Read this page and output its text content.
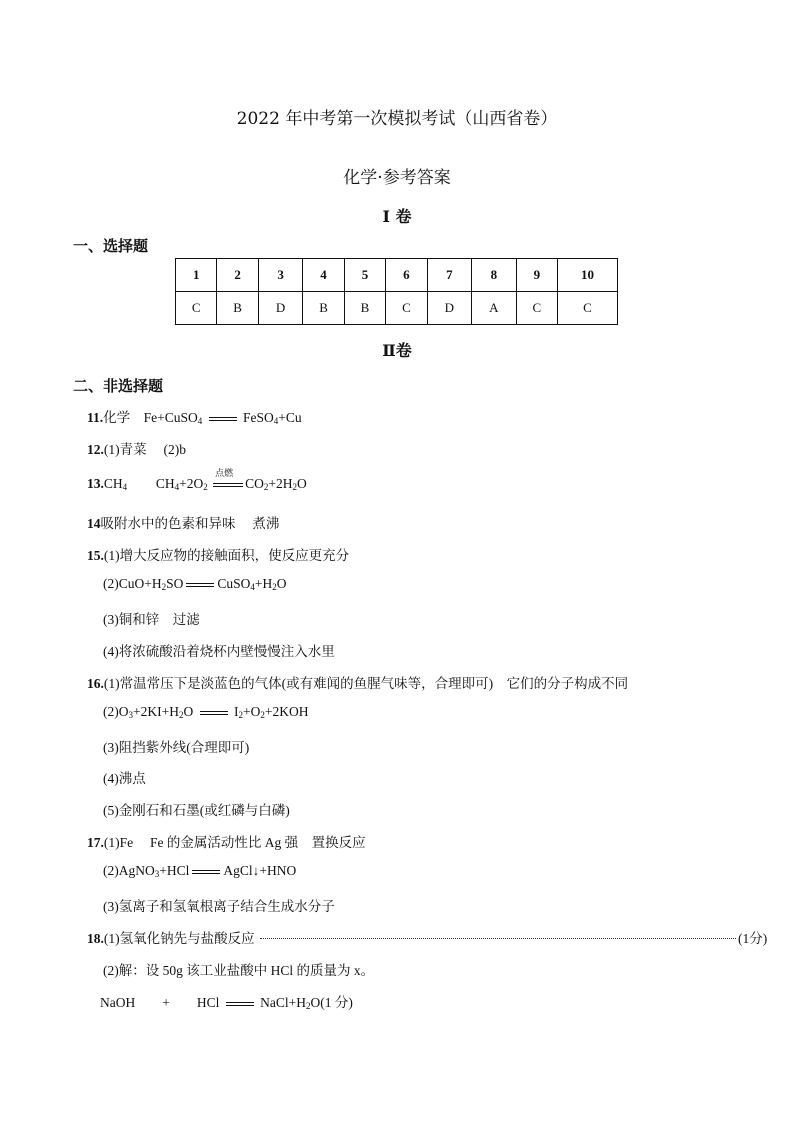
2022 年中考第一次模拟考试（山西省卷）
化学·参考答案
I 卷
一、选择题
1	2	3	4	5	6	7	8	9	10
C	B	D	B	B	C	D	A	C	C
Ⅱ卷
二、非选择题
11.化学　Fe+CuSO$_4$	FeSO$_4$+Cu
12.(1)青菜　 (2)b
$13.CH_4$ $CH_4+2O_2$
点燃
$CO_2+2H_2O$
14吸附水中的色素和异味　 煮沸
15.(1)增大反应物的接触面积，使反应更充分
$(2)CuO+H_2SO$	$CuSO_4+H_2O$
(3)铜和锌　过滤
(4)将浓硫酸沿着烧杯内壁慢慢注入水里
16.(1)常温常压下是淡蓝色的气体(或有难闻的鱼腥气味等，合理即可)　它们的分子构成不同
$(2)O_3+2KI+H_2O$	$I_2+O_2+2KOH$
(3)阻挡紫外线(合理即可)
(4)沸点
(5)金刚石和石墨(或红磷与白磷)
17.(1)Fe　 Fe 的金属活动性比 Ag 强　置换反应
(2)AgNO$_3$+HCl	AgCl↓+HNO
(3)氢离子和氢氧根离子结合生成水分子
18.(1)氢氧化钠先与盐酸反应	(1分)
(2)解：设 50g 该工业盐酸中 HCl 的质量为 x。
NaOH　　+　　HCl	$NaCl+H_2O(1$ 分)
